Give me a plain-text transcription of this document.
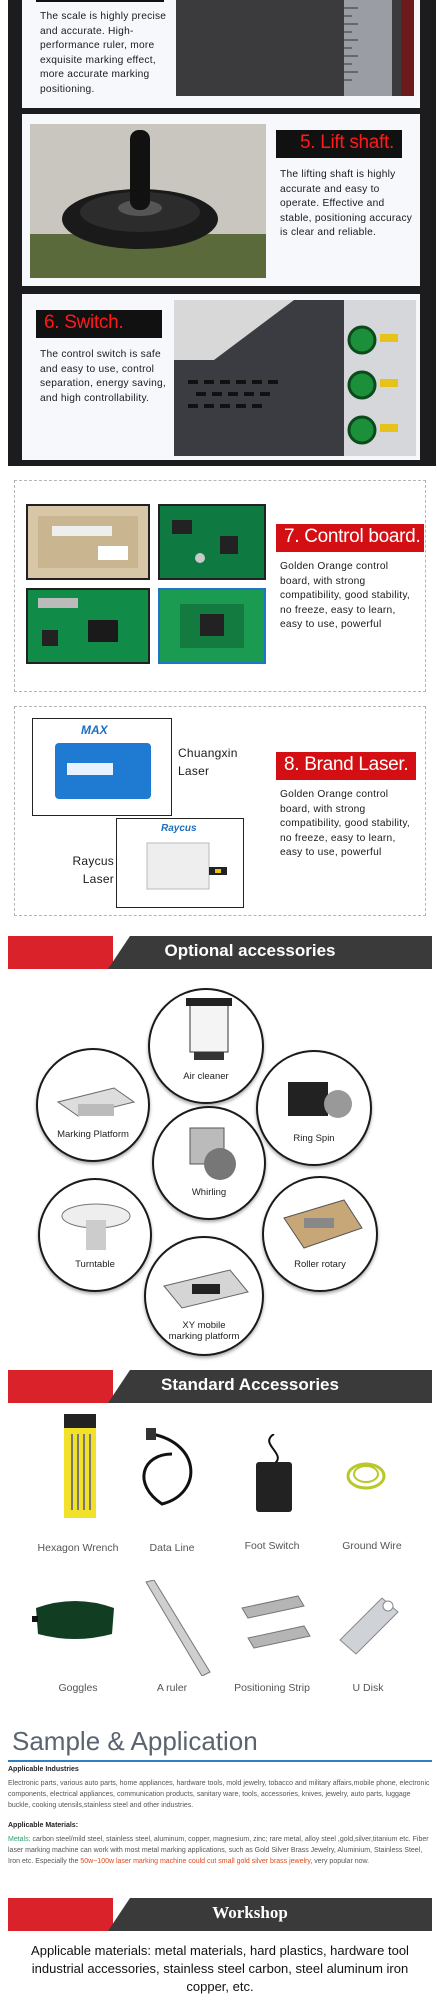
The scale is highly precise and accurate. High-performance ruler, more exquisite marking effect, more accurate marking positioning.
5. Lift shaft.
The lifting shaft is highly accurate and easy to operate. Effective and stable, positioning accuracy is clear and reliable.
6. Switch.
The control switch is safe and easy to use, control separation, energy saving, and high controllability.
7. Control board.
Golden Orange control board, with strong compatibility, good stability, no freeze, easy to learn, easy to use, powerful
MAX
Chuangxin Laser
Raycus
Raycus Laser
8. Brand Laser.
Golden Orange control board, with strong compatibility, good stability, no freeze, easy to learn, easy to use, powerful
Optional accessories
Air cleaner
Marking Platform	Ring Spin
Whirling
Turntable	Roller rotary
XY mobile marking platform
Standard Accessories
Hexagon Wrench	Data Line	Foot Switch	Ground Wire
Goggles	A ruler	Positioning Strip	U Disk
Sample & Application
Applicable Industries
Electronic parts, various auto parts, home appliances, hardware tools, mold jewelry, tobacco and military affairs,mobile phone, electronic components, electrical appliances, communication products, sanitary ware, tools, accessories, knives, jewelry, auto parts, luggage buckle, cooking utensils,stainless steel and other industries.
Applicable Materials:
Metals: carbon steel/mild steel, stainless steel, aluminum, copper, magnesium, zinc; rare metal, alloy steel ,gold,silver,titanium etc. Fiber laser marking machine can work with most metal marking applications, such as Gold Silver Brass Jewelry, Aluminium, Stainless Steel, Iron etc. Especially the 50w~100w laser marking machine could cut small gold silver brass jewelry, very popular now.
Workshop
Applicable materials: metal materials, hard plastics, hardware tool industrial accessories, stainless steel carbon, steel aluminum iron copper, etc.
